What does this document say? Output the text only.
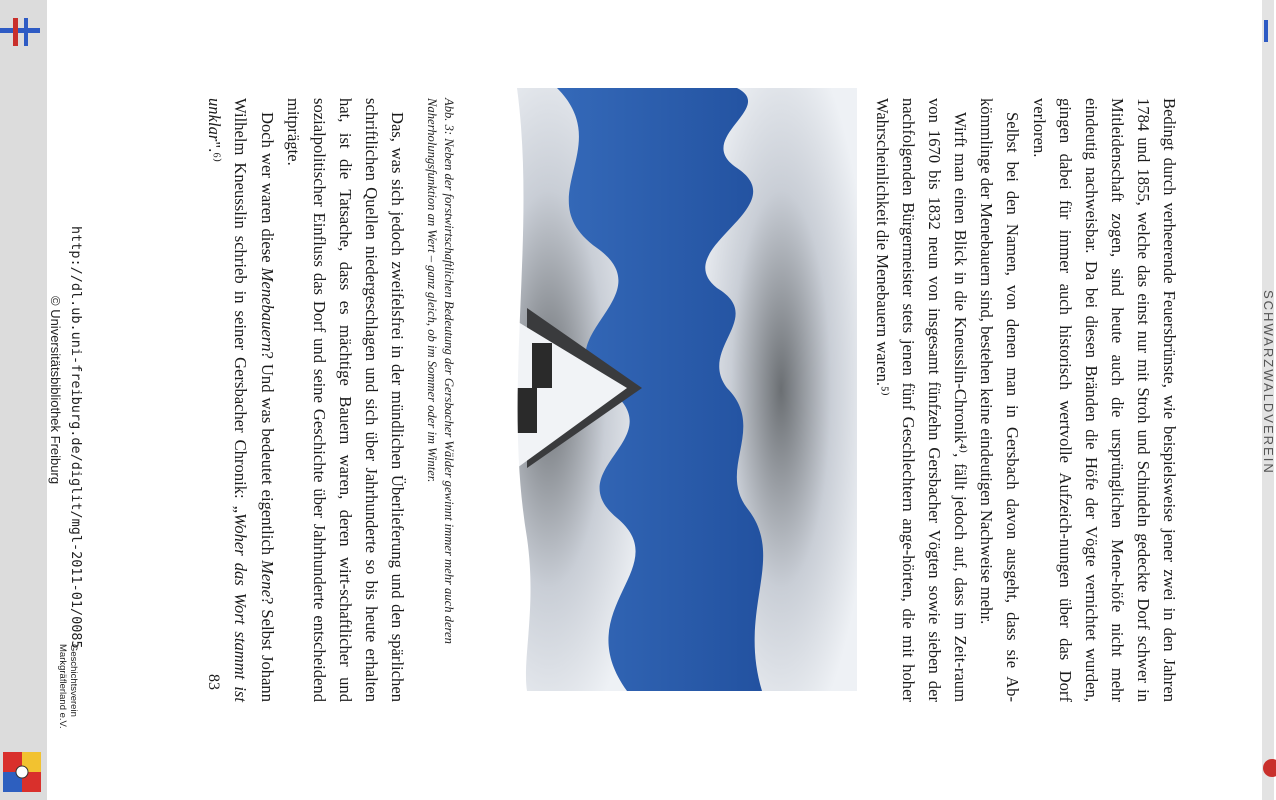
SCHWARZWALDVEREIN

Bedingt durch verheerende Feuersbrünste, wie beispielsweise jener zwei in den Jahren 1784 und 1855, welche das einst nur mit Stroh und Schindeln gedeckte Dorf schwer in Mitleidenschaft zogen, sind heute auch die ursprünglichen Mene-höfe nicht mehr eindeutig nachweisbar. Da bei diesen Bränden die Höfe der Vögte vernichtet wurden, gingen dabei für immer auch historisch wertvolle Aufzeich-nungen über das Dorf verloren.

Selbst bei den Namen, von denen man in Gersbach davon ausgeht, dass sie Ab-kömmlinge der Menebauern sind, bestehen keine eindeutigen Nachweise mehr.

Wirft man einen Blick in die Kneusslin-Chronik⁴⁾, fällt jedoch auf, dass im Zeit-raum von 1670 bis 1832 neun von insgesamt fünfzehn Gersbacher Vögten sowie sieben der nachfolgenden Bürgermeister stets jenen fünf Geschlechtern ange-hörten, die mit hoher Wahrscheinlichkeit die Menebauern waren.⁵⁾

Abb. 3: Neben der forstwirtschaftlichen Bedeutung der Gersbacher Wälder gewinnt immer mehr auch deren Naherholungsfunktion an Wert – ganz gleich, ob im Sommer oder im Winter.

Das, was sich jedoch zweifelsfrei in der mündlichen Überlieferung und den spärlichen schriftlichen Quellen niedergeschlagen und sich über Jahrhunderte so bis heute erhalten hat, ist die Tatsache, dass es mächtige Bauern waren, deren wirt-schaftlicher und sozialpolitischer Einfluss das Dorf und seine Geschichte über Jahrhunderte entscheidend mitprägte.

Doch wer waren diese Menebauern? Und was bedeutet eigentlich Mene? Selbst Johann Wilhelm Kneusslin schrieb in seiner Gersbacher Chronik: „Woher das Wort stammt ist unklar".⁶⁾

83
http://dl.ub.uni-freiburg.de/diglit/mgl-2011-01/0085
© Universitätsbibliothek Freiburg
Geschichtsverein
Markgräflerland e.V.
